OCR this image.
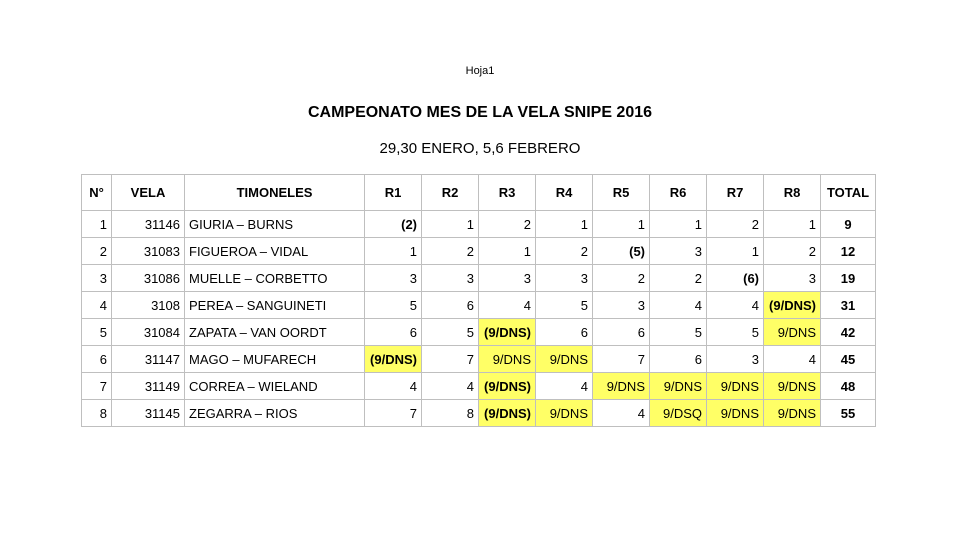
Hoja1
CAMPEONATO MES DE LA VELA SNIPE 2016
29,30 ENERO, 5,6 FEBRERO
N°	VELA	TIMONELES	R1	R2	R3	R4	R5	R6	R7	R8	TOTAL
1	31146	GIURIA – BURNS	(2)	1	2	1	1	1	2	1	9
2	31083	FIGUEROA – VIDAL	1	2	1	2	(5)	3	1	2	12
3	31086	MUELLE – CORBETTO	3	3	3	3	2	2	(6)	3	19
4	3108	PEREA – SANGUINETI	5	6	4	5	3	4	4	(9/DNS)	31
5	31084	ZAPATA – VAN OORDT	6	5	(9/DNS)	6	6	5	5	9/DNS	42
6	31147	MAGO – MUFARECH	(9/DNS)	7	9/DNS	9/DNS	7	6	3	4	45
7	31149	CORREA – WIELAND	4	4	(9/DNS)	4	9/DNS	9/DNS	9/DNS	9/DNS	48
8	31145	ZEGARRA – RIOS	7	8	(9/DNS)	9/DNS	4	9/DSQ	9/DNS	9/DNS	55
